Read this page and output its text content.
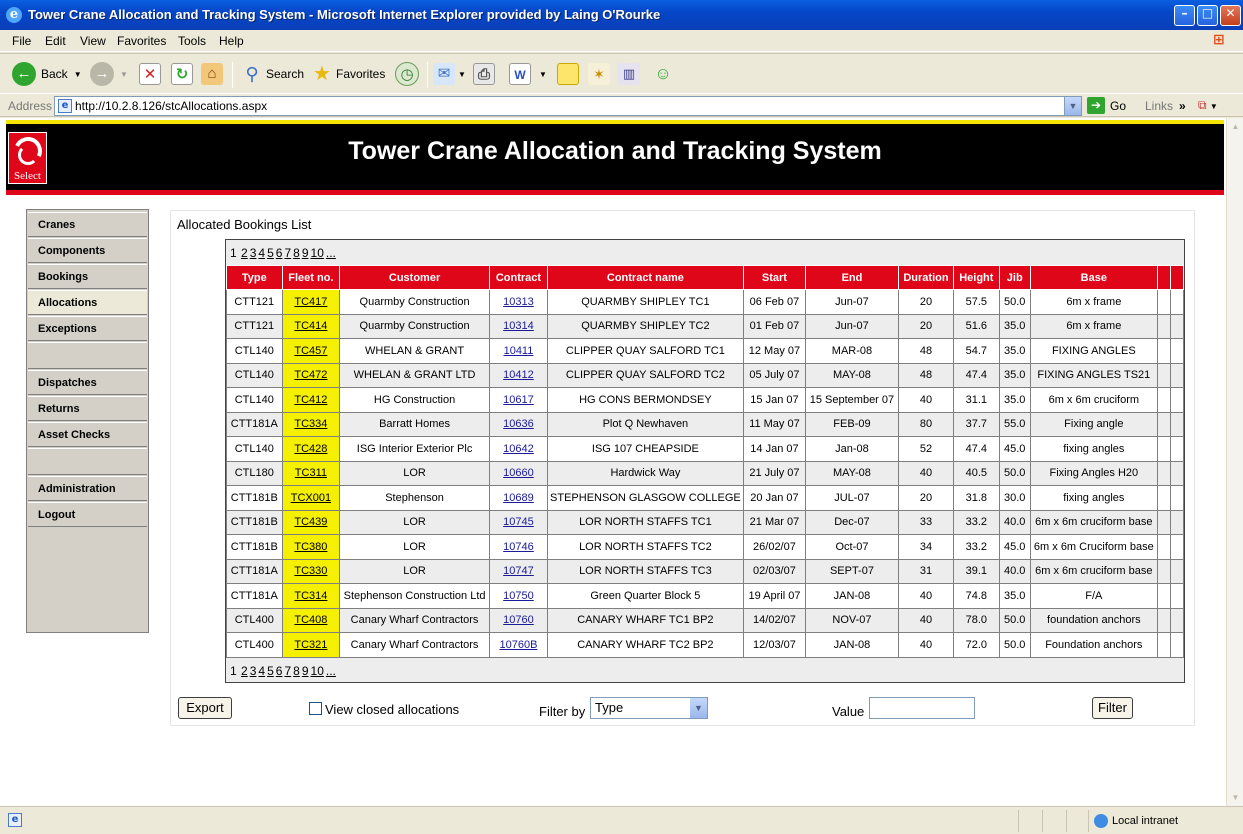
e Tower Crane Allocation and Tracking System - Microsoft Internet Explorer provided by Laing O'Rourke	–	□	✕
File Edit View Favorites Tools Help	⊞
← Back ▼ →	▼	✕	↻	⌂	⚲ Search ★ Favorites	◷	✉ ▼ ⎙	W	▼	✶	▥ ☺
Address e http://10.2.8.126/stcAllocations.aspx	▼	➔ Go Links » ⧉ ▼
▲
▼
Select
Tower Crane Allocation and Tracking System
Cranes
Components
Bookings
Allocations
Exceptions
Dispatches
Returns
Asset Checks
Administration
Logout
Allocated Bookings List
1 2 3 4 5 6 7 8 9 10 ...
Type	Fleet no.	Customer	Contract	Contract name	Start	End	Duration	Height	Jib	Base		
CTT121	TC417	Quarmby Construction	10313	QUARMBY SHIPLEY TC1	06 Feb 07	Jun-07	20	57.5	50.0	6m x frame		
CTT121	TC414	Quarmby Construction	10314	QUARMBY SHIPLEY TC2	01 Feb 07	Jun-07	20	51.6	35.0	6m x frame		
CTL140	TC457	WHELAN & GRANT	10411	CLIPPER QUAY SALFORD TC1	12 May 07	MAR-08	48	54.7	35.0	FIXING ANGLES		
CTL140	TC472	WHELAN & GRANT LTD	10412	CLIPPER QUAY SALFORD TC2	05 July 07	MAY-08	48	47.4	35.0	FIXING ANGLES TS21		
CTL140	TC412	HG Construction	10617	HG CONS BERMONDSEY	15 Jan 07	15 September 07	40	31.1	35.0	6m x 6m cruciform		
CTT181A	TC334	Barratt Homes	10636	Plot Q Newhaven	11 May 07	FEB-09	80	37.7	55.0	Fixing angle		
CTL140	TC428	ISG Interior Exterior Plc	10642	ISG 107 CHEAPSIDE	14 Jan 07	Jan-08	52	47.4	45.0	fixing angles		
CTL180	TC311	LOR	10660	Hardwick Way	21 July 07	MAY-08	40	40.5	50.0	Fixing Angles H20		
CTT181B	TCX001	Stephenson	10689	STEPHENSON GLASGOW COLLEGE	20 Jan 07	JUL-07	20	31.8	30.0	fixing angles		
CTT181B	TC439	LOR	10745	LOR NORTH STAFFS TC1	21 Mar 07	Dec-07	33	33.2	40.0	6m x 6m cruciform base		
CTT181B	TC380	LOR	10746	LOR NORTH STAFFS TC2	26/02/07	Oct-07	34	33.2	45.0	6m x 6m Cruciform base		
CTT181A	TC330	LOR	10747	LOR NORTH STAFFS TC3	02/03/07	SEPT-07	31	39.1	40.0	6m x 6m cruciform base		
CTT181A	TC314	Stephenson Construction Ltd	10750	Green Quarter Block 5	19 April 07	JAN-08	40	74.8	35.0	F/A		
CTL400	TC408	Canary Wharf Contractors	10760	CANARY WHARF TC1 BP2	14/02/07	NOV-07	40	78.0	50.0	foundation anchors		
CTL400	TC321	Canary Wharf Contractors	10760B	CANARY WHARF TC2 BP2	12/03/07	JAN-08	40	72.0	50.0	Foundation anchors		
1 2 3 4 5 6 7 8 9 10 ...
Export	View closed allocations	Filter by Type	▼	Value	Filter
e	Local intranet
